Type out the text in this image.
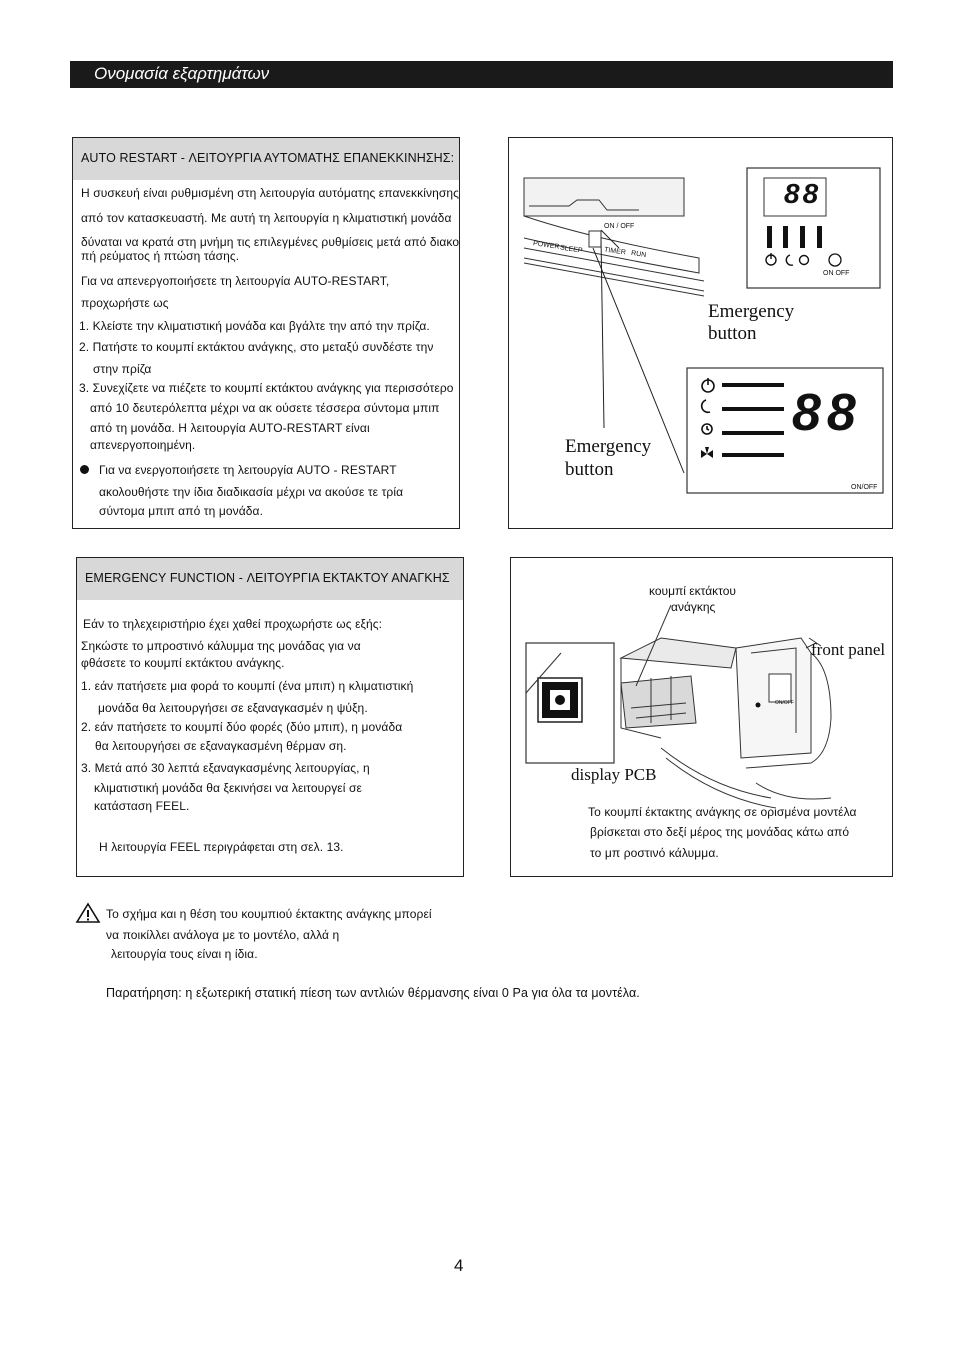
Ονομασία εξαρτημάτων
AUTO RESTART - ΛΕΙΤΟΥΡΓΙΑ ΑΥΤΟΜΑΤΗΣ ΕΠΑΝΕΚΚΙΝΗΣΗΣ:
Η συσκευή είναι ρυθμισμένη στη λειτουργία αυτόματης επανεκκίνησης
από τον κατασκευαστή. Με αυτή τη λειτουργία η κλιματιστική μονάδα
δύναται να κρατά στη μνήμη τις επιλεγμένες ρυθμίσεις μετά από διακο
πή ρεύματος ή πτώση τάσης.
Για να απενεργοποιήσετε τη λειτουργία AUTO-RESTART,
προχωρήστε ως
1. Κλείστε την κλιματιστική μονάδα και βγάλτε την από την πρίζα.
2. Πατήστε το κουμπί εκτάκτου ανάγκης, στο μεταξύ συνδέστε την
στην πρίζα
3. Συνεχίζετε να πιέζετε το κουμπί εκτάκτου ανάγκης για περισσότερο
από 10 δευτερόλεπτα μέχρι να ακ ούσετε τέσσερα σύντομα μπιπ
από τη μονάδα. Η λειτουργία AUTO-RESTART είναι
απενεργοποιημένη.
Για να ενεργοποιήσετε τη λειτουργία AUTO - RESTART
ακολουθήστε την ίδια διαδικασία μέχρι να ακούσε τε τρία
σύντομα μπιπ από τη μονάδα.
88
88
ON / OFF
POWER SLEEP	TIMER RUN
ON OFF
ON/OFF
Emergency
button
Emergency
button
EMERGENCY FUNCTION - ΛΕΙΤΟΥΡΓΙΑ ΕΚΤΑΚΤΟΥ ΑΝΑΓΚΗΣ
Εάν το τηλεχειριστήριο έχει χαθεί προχωρήστε ως εξής:
Σηκώστε το μπροστινό κάλυμμα της μονάδας για να
φθάσετε το κουμπί εκτάκτου ανάγκης.
1. εάν πατήσετε μια φορά το κουμπί (ένα μπιπ) η κλιματιστική
μονάδα θα λειτουργήσει σε εξαναγκασμέν η ψύξη.
2. εάν πατήσετε το κουμπί δύο φορές (δύο μπιπ), η μονάδα
θα λειτουργήσει σε εξαναγκασμένη θέρμαν ση.
3. Μετά από 30 λεπτά εξαναγκασμένης λειτουργίας, η
κλιματιστική μονάδα θα ξεκινήσει να λειτουργεί σε
κατάσταση FEEL.
Η λειτουργία FEEL περιγράφεται στη σελ. 13.
κουμπί εκτάκτου
ανάγκης
front panel
display PCB
ON/OFF
Το κουμπί έκτακτης ανάγκης σε ορισμένα μοντέλα
βρίσκεται στο δεξί μέρος της μονάδας κάτω από
το μπ ροστινό κάλυμμα.
Το σχήμα και η θέση του κουμπιού έκτακτης ανάγκης μπορεί
να ποικίλλει ανάλογα με το μοντέλο, αλλά η
λειτουργία τους είναι η ίδια.
Παρατήρηση: η εξωτερική στατική πίεση των αντλιών θέρμανσης είναι 0 Pa για όλα τα μοντέλα.
4
